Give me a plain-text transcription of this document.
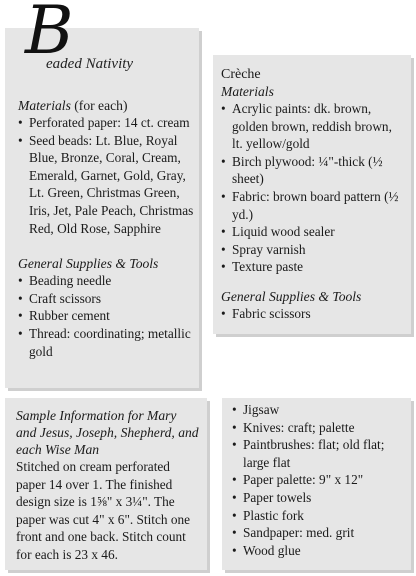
B
eaded Nativity

Materials (for each)

• Perforated paper: 14 ct. cream
• Seed beads: Lt. Blue, Royal Blue, Bronze, Coral, Cream, Emerald, Garnet, Gold, Gray, Lt. Green, Christmas Green, Iris, Jet, Pale Peach, Christmas Red, Old Rose, Sapphire

General Supplies & Tools

• Beading needle
• Craft scissors
• Rubber cement
• Thread: coordinating; metallic gold

Crèche

Materials

• Acrylic paints: dk. brown, golden brown, reddish brown, lt. yellow/gold
• Birch plywood: ¼"-thick (½ sheet)
• Fabric: brown board pattern (½ yd.)
• Liquid wood sealer
• Spray varnish
• Texture paste

General Supplies & Tools

• Fabric scissors

Sample Information for Mary and Jesus, Joseph, Shepherd, and each Wise Man

Stitched on cream perforated paper 14 over 1. The finished design size is 1⅝" x 3¼". The paper was cut 4" x 6". Stitch one front and one back. Stitch count for each is 23 x 46.

• Jigsaw
• Knives: craft; palette
• Paintbrushes: flat; old flat; large flat
• Paper palette: 9" x 12"
• Paper towels
• Plastic fork
• Sandpaper: med. grit
• Wood glue
